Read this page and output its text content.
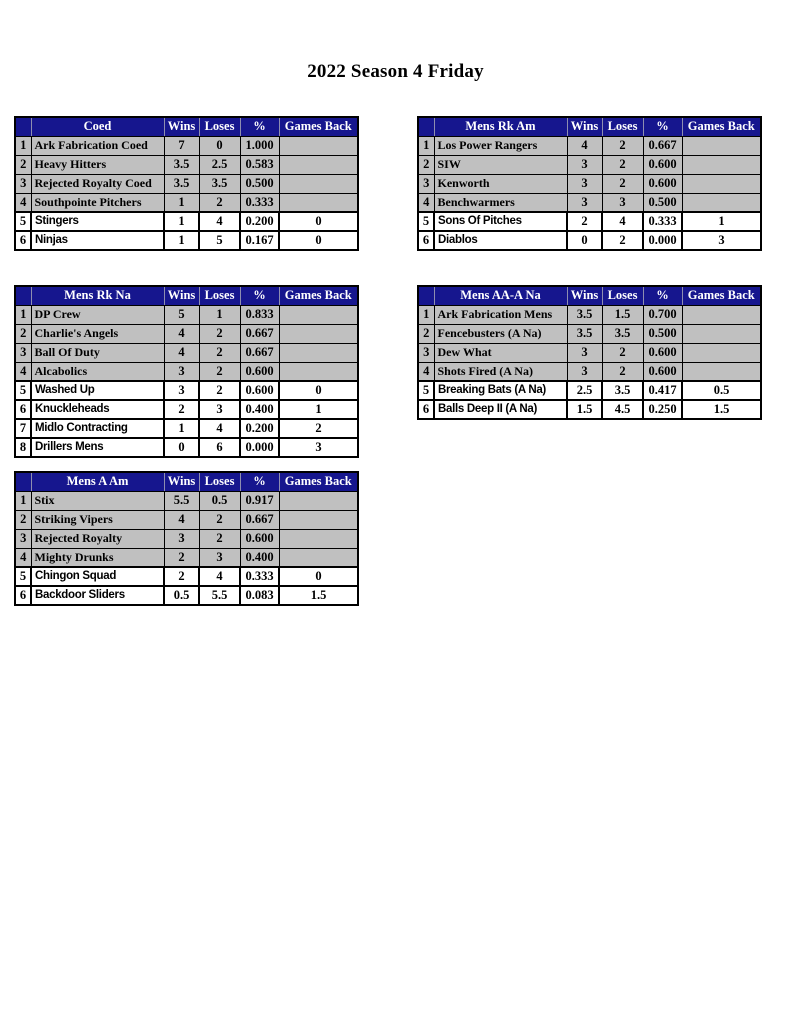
2022 Season 4 Friday
	Coed	Wins	Loses	%	Games Back
1	Ark Fabrication Coed	7	0	1.000	
2	Heavy Hitters	3.5	2.5	0.583	
3	Rejected Royalty Coed	3.5	3.5	0.500	
4	Southpointe Pitchers	1	2	0.333	
5	Stingers	1	4	0.200	0
6	Ninjas	1	5	0.167	0
	Mens Rk Am	Wins	Loses	%	Games Back
1	Los Power Rangers	4	2	0.667	
2	SIW	3	2	0.600	
3	Kenworth	3	2	0.600	
4	Benchwarmers	3	3	0.500	
5	Sons Of Pitches	2	4	0.333	1
6	Diablos	0	2	0.000	3
	Mens Rk Na	Wins	Loses	%	Games Back
1	DP Crew	5	1	0.833	
2	Charlie's Angels	4	2	0.667	
3	Ball Of Duty	4	2	0.667	
4	Alcabolics	3	2	0.600	
5	Washed Up	3	2	0.600	0
6	Knuckleheads	2	3	0.400	1
7	Midlo Contracting	1	4	0.200	2
8	Drillers Mens	0	6	0.000	3
	Mens AA-A Na	Wins	Loses	%	Games Back
1	Ark Fabrication Mens	3.5	1.5	0.700	
2	Fencebusters (A Na)	3.5	3.5	0.500	
3	Dew What	3	2	0.600	
4	Shots Fired (A Na)	3	2	0.600	
5	Breaking Bats (A Na)	2.5	3.5	0.417	0.5
6	Balls Deep II (A Na)	1.5	4.5	0.250	1.5
	Mens A Am	Wins	Loses	%	Games Back
1	Stix	5.5	0.5	0.917	
2	Striking Vipers	4	2	0.667	
3	Rejected Royalty	3	2	0.600	
4	Mighty Drunks	2	3	0.400	
5	Chingon Squad	2	4	0.333	0
6	Backdoor Sliders	0.5	5.5	0.083	1.5
